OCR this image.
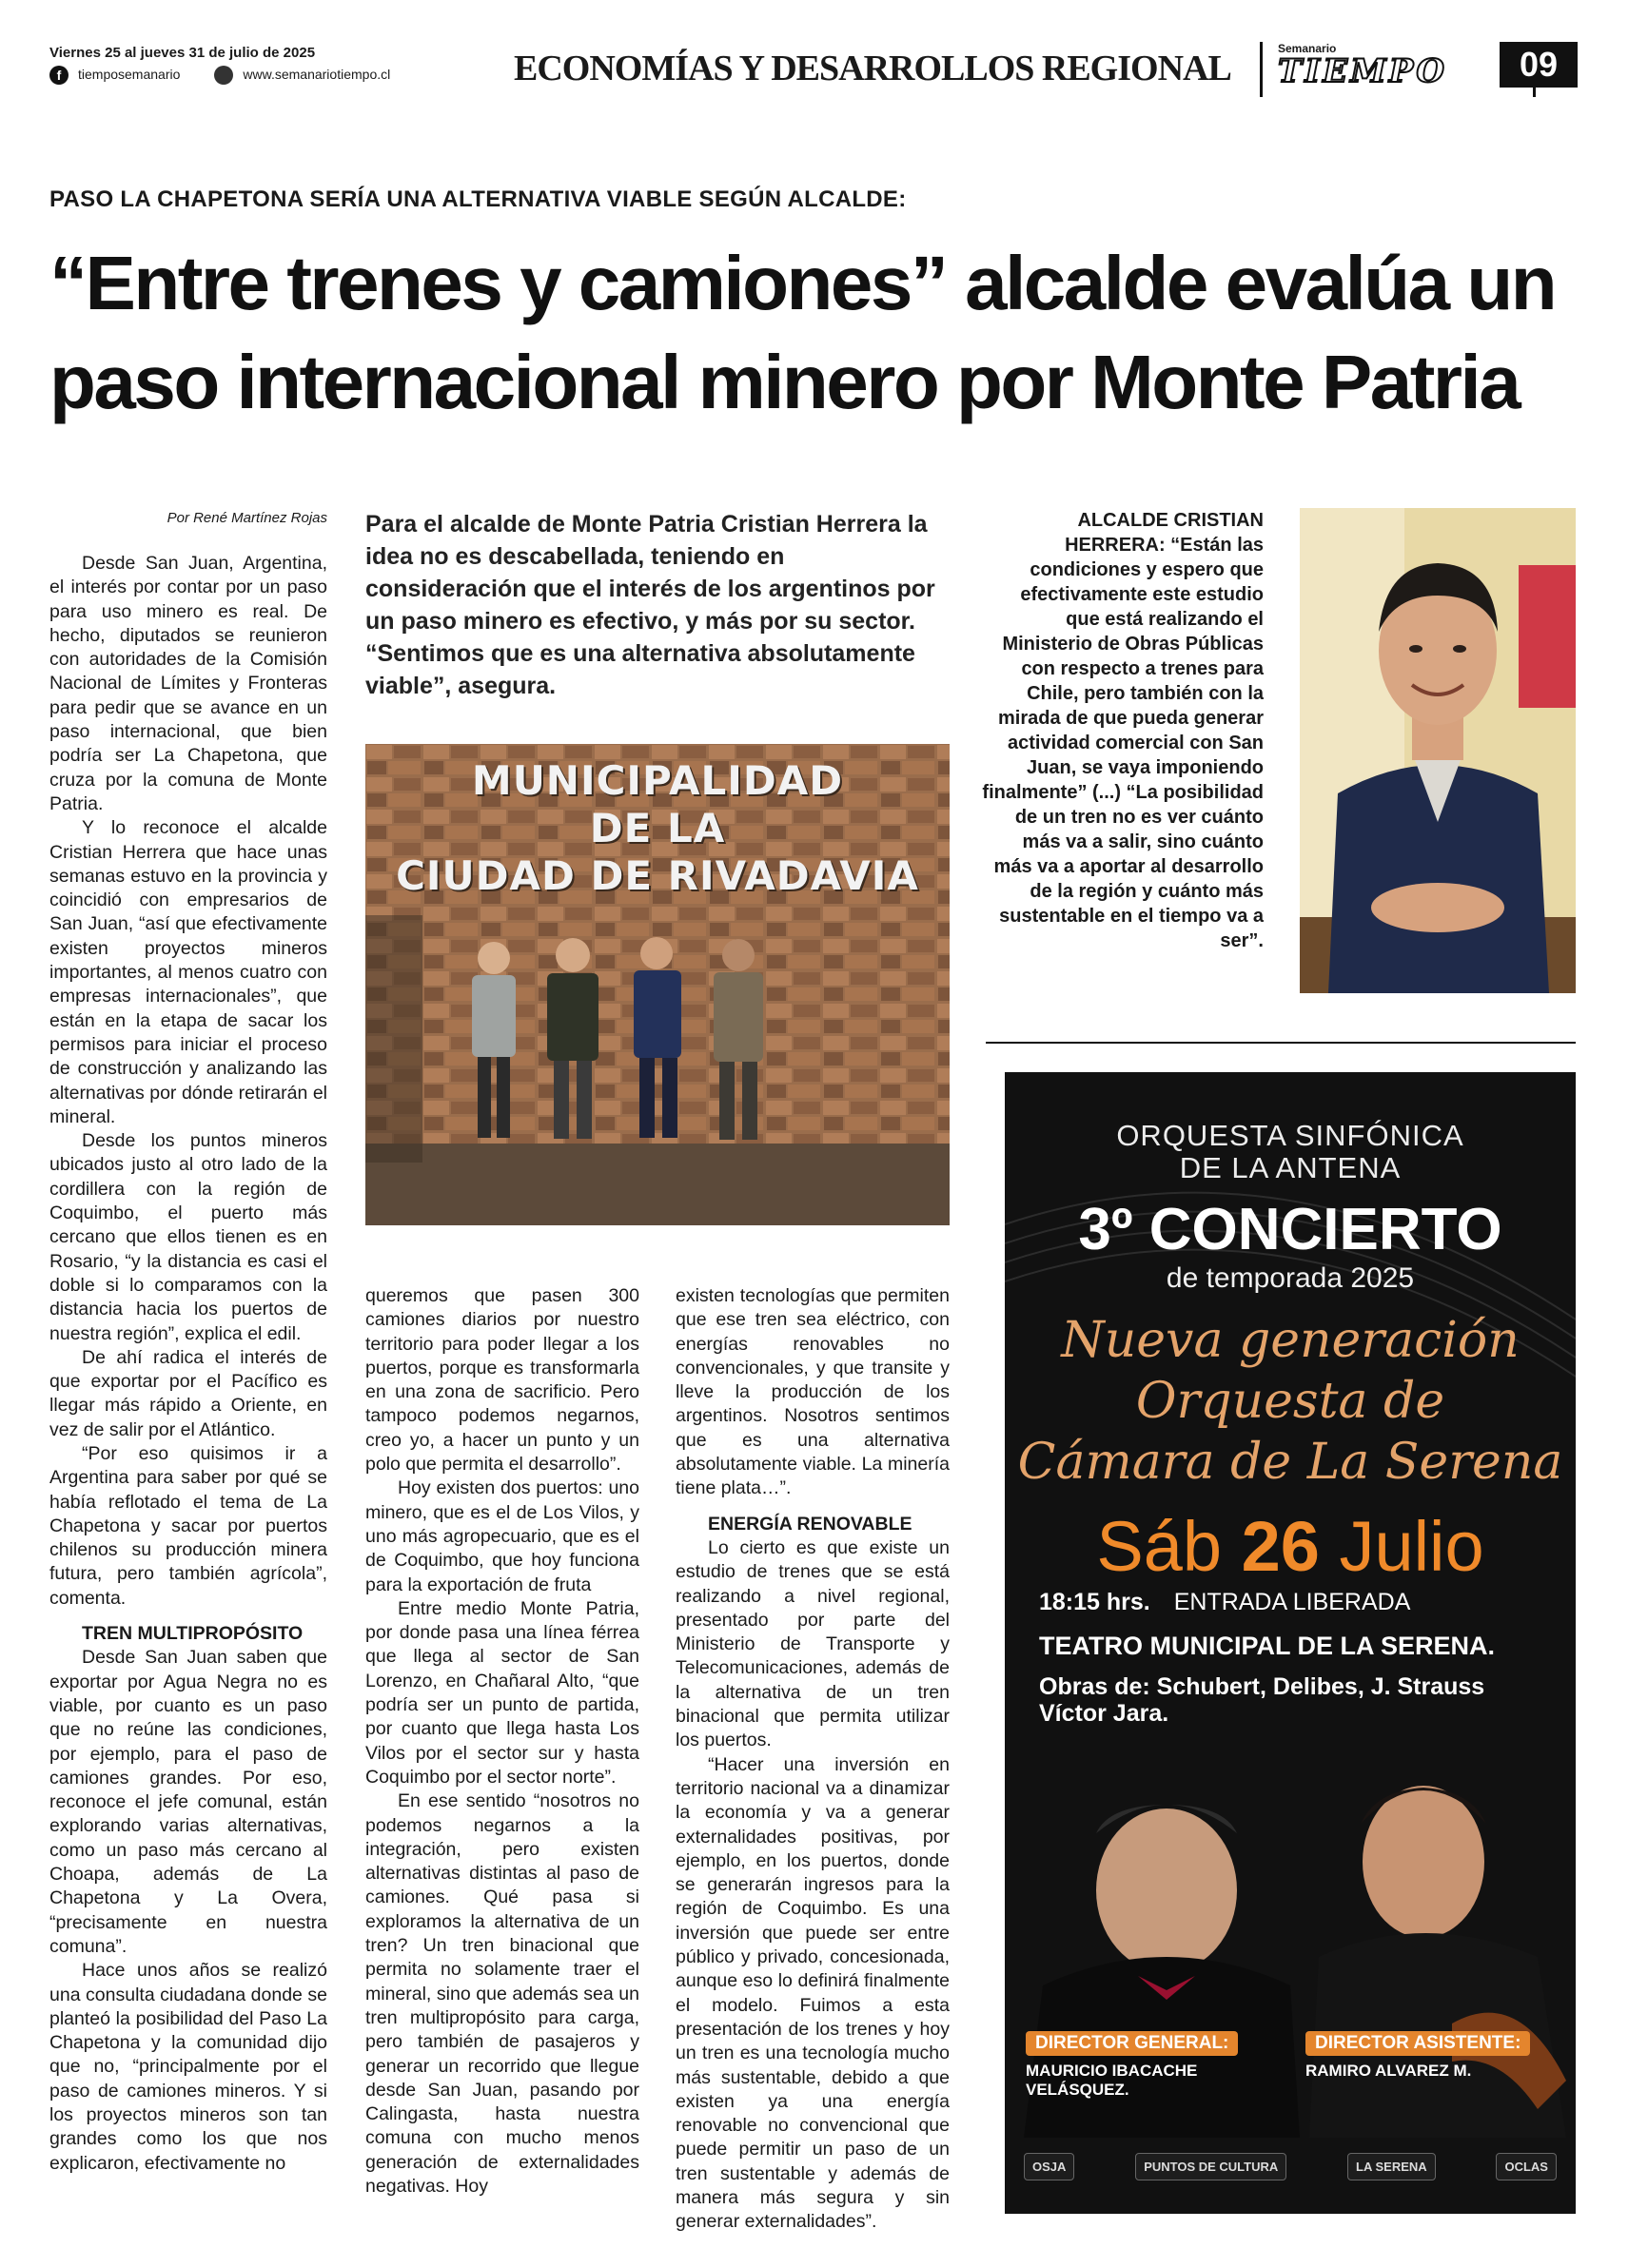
Viernes 25 al jueves 31 de julio de 2025
f	tiemposemanario	www.semanariotiempo.cl	ECONOMÍAS Y DESARROLLOS REGIONAL	Semanario
TIEMPO	09
PASO LA CHAPETONA SERÍA UNA ALTERNATIVA VIABLE SEGÚN ALCALDE:
“Entre trenes y camiones” alcalde evalúa un paso internacional minero por Monte Patria
Por René Martínez Rojas

Desde San Juan, Argentina, el interés por contar por un paso para uso minero es real. De hecho, diputados se reunieron con autoridades de la Comisión Nacional de Límites y Fronteras para pedir que se avance en un paso internacional, que bien podría ser La Chapetona, que cruza por la comuna de Monte Patria.

Y lo reconoce el alcalde Cristian Herrera que hace unas semanas estuvo en la provincia y coincidió con empresarios de San Juan, “así que efectivamente existen proyectos mineros importantes, al menos cuatro con empresas internacionales”, que están en la etapa de sacar los permisos para iniciar el proceso de construcción y analizando las alternativas por dónde retirarán el mineral.

Desde los puntos mineros ubicados justo al otro lado de la cordillera con la región de Coquimbo, el puerto más cercano que ellos tienen es en Rosario, “y la distancia es casi el doble si lo comparamos con la distancia hacia los puertos de nuestra región”, explica el edil.

De ahí radica el interés de que exportar por el Pacífico es llegar más rápido a Oriente, en vez de salir por el Atlántico.

“Por eso quisimos ir a Argentina para saber por qué se había reflotado el tema de La Chapetona y sacar por puertos chilenos su producción minera futura, pero también agrícola”, comenta.

TREN MULTIPROPÓSITO

Desde San Juan saben que exportar por Agua Negra no es viable, por cuanto es un paso que no reúne las condiciones, por ejemplo, para el paso de camiones grandes. Por eso, reconoce el jefe comunal, están explorando varias alternativas, como un paso más cercano al Choapa, además de La Chapetona y La Overa, “precisamente en nuestra comuna”.

Hace unos años se realizó una consulta ciudadana donde se planteó la posibilidad del Paso La Chapetona y la comunidad dijo que no, “principalmente por el paso de camiones mineros. Y si los proyectos mineros son tan grandes como los que nos explicaron, efectivamente no

Para el alcalde de Monte Patria Cristian Herrera la idea no es descabellada, teniendo en consideración que el interés de los argentinos por un paso minero es efectivo, y más por su sector. “Sentimos que es una alternativa absolutamente viable”, asegura.
MUNICIPALIDAD
DE LA
CIUDAD DE RIVADAVIA

queremos que pasen 300 camiones diarios por nuestro territorio para poder llegar a los puertos, porque es transformarla en una zona de sacrificio. Pero tampoco podemos negarnos, creo yo, a hacer un punto y un polo que permita el desarrollo”.

Hoy existen dos puertos: uno minero, que es el de Los Vilos, y uno más agropecuario, que es el de Coquimbo, que hoy funciona para la exportación de fruta

Entre medio Monte Patria, por donde pasa una línea férrea que llega al sector de San Lorenzo, en Chañaral Alto, “que podría ser un punto de partida, por cuanto que llega hasta Los Vilos por el sector sur y hasta Coquimbo por el sector norte”.

En ese sentido “nosotros no podemos negarnos a la integración, pero existen alternativas distintas al paso de camiones. Qué pasa si exploramos la alternativa de un tren? Un tren binacional que permita no solamente traer el mineral, sino que además sea un tren multipropósito para carga, pero también de pasajeros y generar un recorrido que llegue desde San Juan, pasando por Calingasta, hasta nuestra comuna con mucho menos generación de externalidades negativas. Hoy

existen tecnologías que permiten que ese tren sea eléctrico, con energías renovables no convencionales, y que transite y lleve la producción de los argentinos. Nosotros sentimos que es una alternativa absolutamente viable. La minería tiene plata…”.

ENERGÍA RENOVABLE

Lo cierto es que existe un estudio de trenes que se está realizando a nivel regional, presentado por parte del Ministerio de Transporte y Telecomunicaciones, además de la alternativa de un tren binacional que permita utilizar los puertos.

“Hacer una inversión en territorio nacional va a dinamizar la economía y va a generar externalidades positivas, por ejemplo, en los puertos, donde se generarán ingresos para la región de Coquimbo. Es una inversión que puede ser entre público y privado, concesionada, aunque eso lo definirá finalmente el modelo. Fuimos a esta presentación de los trenes y hoy un tren es una tecnología mucho más sustentable, debido a que existen ya una energía renovable no convencional que puede permitir un paso de un tren sustentable y además de manera más segura y sin generar externalidades”.

ALCALDE CRISTIAN HERRERA: “Están las condiciones y espero que efectivamente este estudio que está realizando el Ministerio de Obras Públicas con respecto a trenes para Chile, pero también con la mirada de que pueda generar actividad comercial con San Juan, se vaya imponiendo finalmente” (...) “La posibilidad de un tren no es ver cuánto más va a salir, sino cuánto más va a aportar al desarrollo de la región y cuánto más sustentable en el tiempo va a ser”.
ORQUESTA SINFÓNICA
DE LA ANTENA
3º CONCIERTO
de temporada 2025
Nueva generación
Orquesta de
Cámara de La Serena
Sáb 26 Julio
18:15 hrs. ENTRADA LIBERADA
TEATRO MUNICIPAL DE LA SERENA.
Obras de: Schubert, Delibes, J. Strauss Víctor Jara.
DIRECTOR GENERAL:
MAURICIO IBACACHE VELÁSQUEZ.
DIRECTOR ASISTENTE:
RAMIRO ALVAREZ M.
OSJA	PUNTOS DE CULTURA	LA SERENA	OCLAS
